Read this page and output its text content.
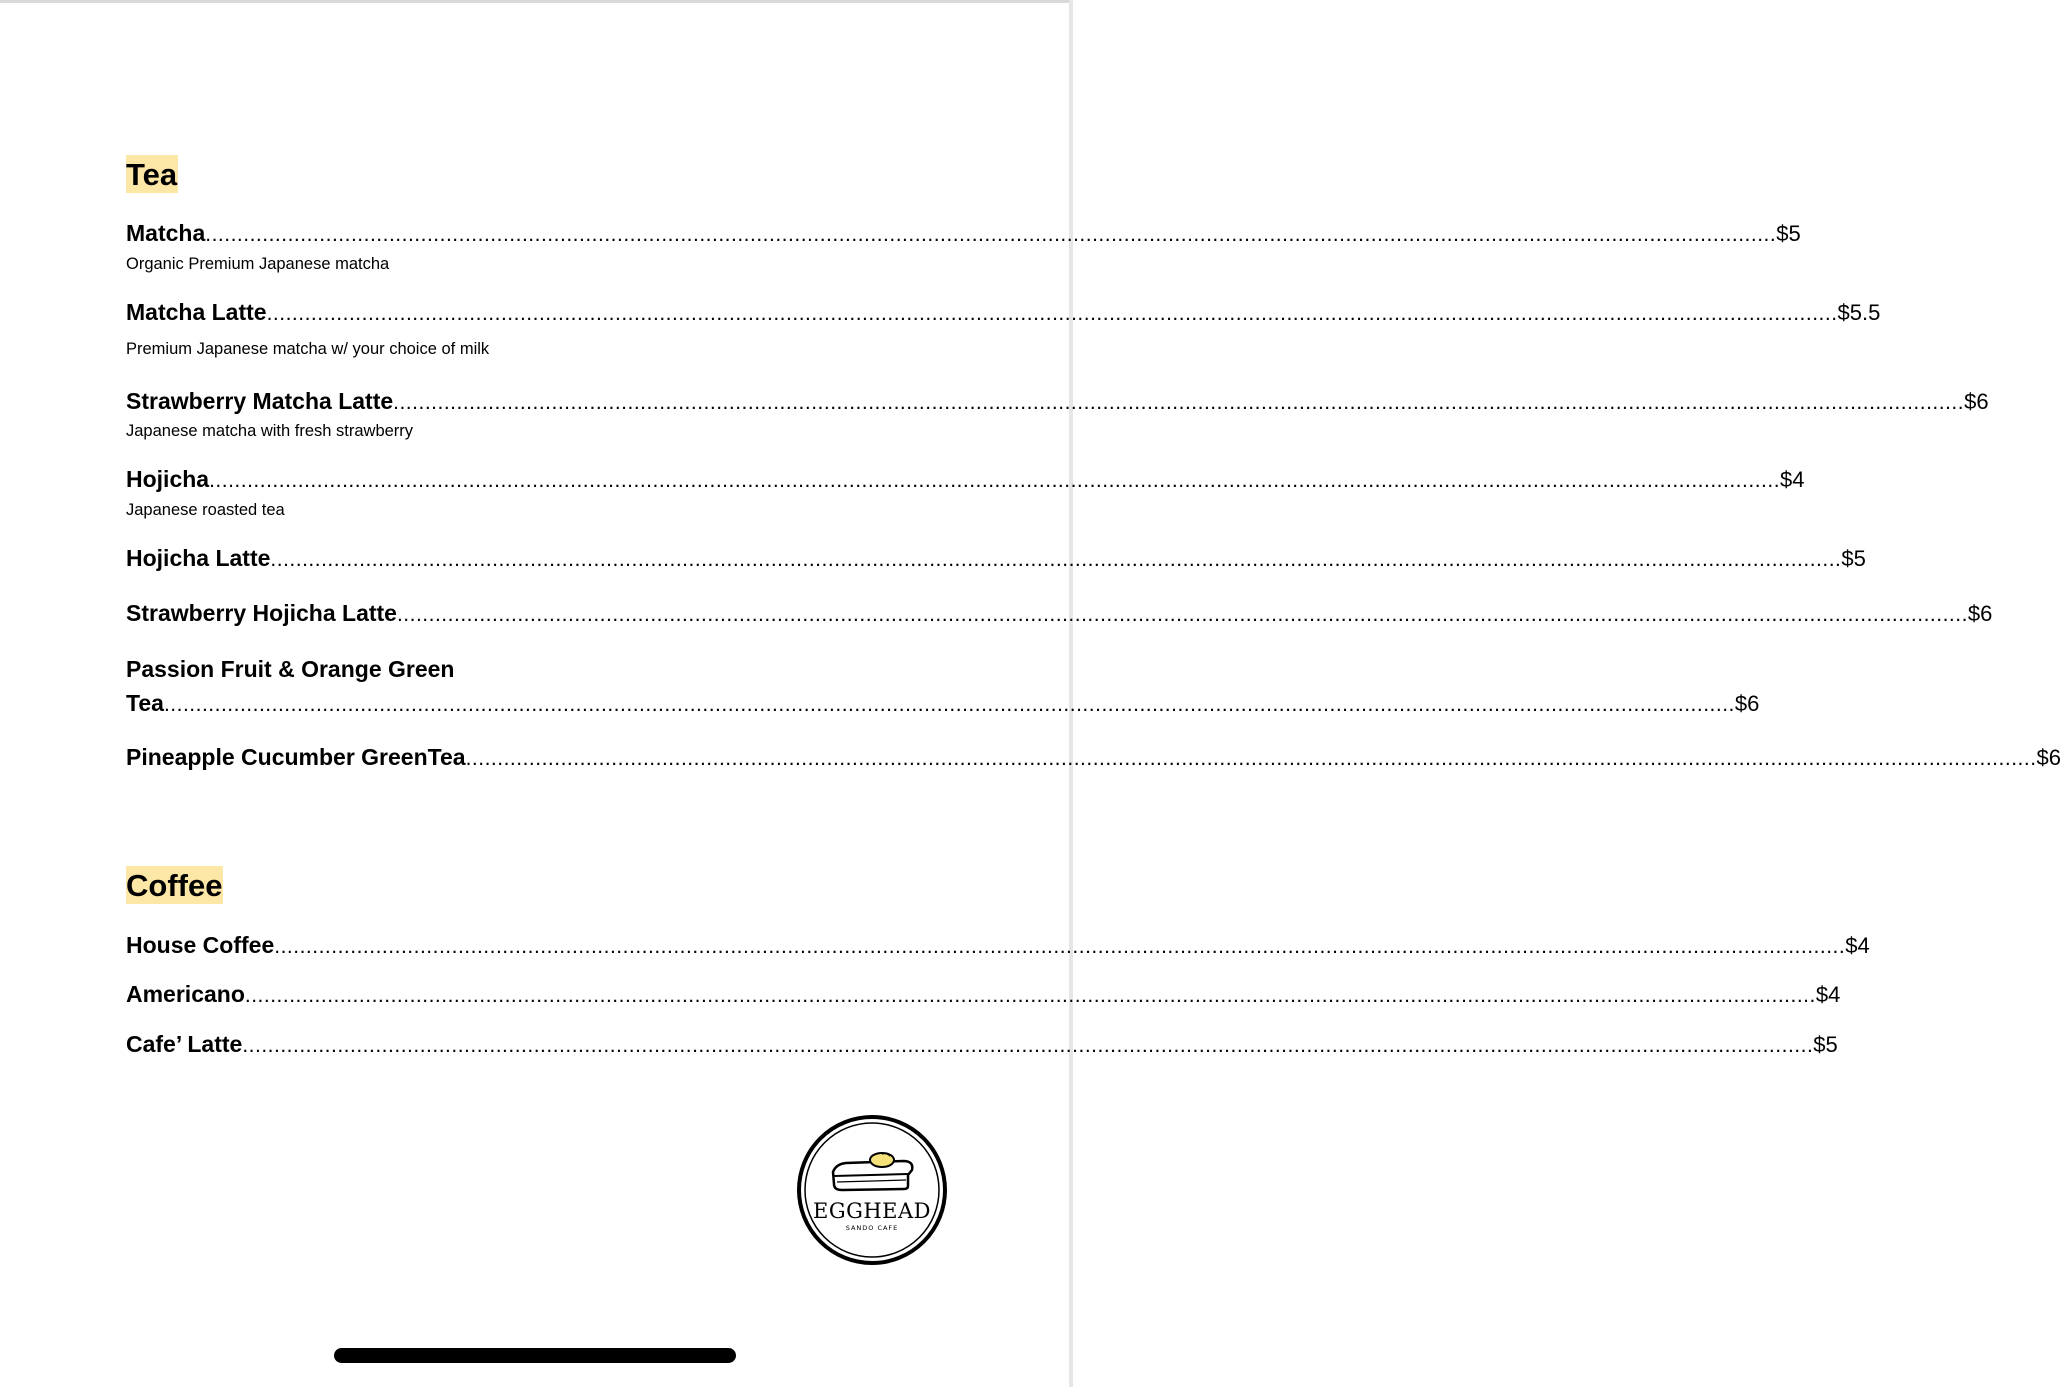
Tea
Matcha ........................................................................................................................................................................................................................................................ $5
Organic Premium Japanese matcha
Matcha Latte ........................................................................................................................................................................................................................................................ $5.5
Premium Japanese matcha w/ your choice of milk
Strawberry Matcha Latte ........................................................................................................................................................................................................................................................ $6
Japanese matcha with fresh strawberry
Hojicha ........................................................................................................................................................................................................................................................ $4
Japanese roasted tea
Hojicha Latte ........................................................................................................................................................................................................................................................ $5
Strawberry Hojicha Latte ........................................................................................................................................................................................................................................................ $6
Passion Fruit & Orange Green
Tea ........................................................................................................................................................................................................................................................ $6
Pineapple Cucumber GreenTea ........................................................................................................................................................................................................................................................ $6
Coffee
House Coffee ........................................................................................................................................................................................................................................................ $4
Americano ........................................................................................................................................................................................................................................................ $4
Cafe’ Latte ........................................................................................................................................................................................................................................................ $5
EGGHEAD
SANDO CAFE
